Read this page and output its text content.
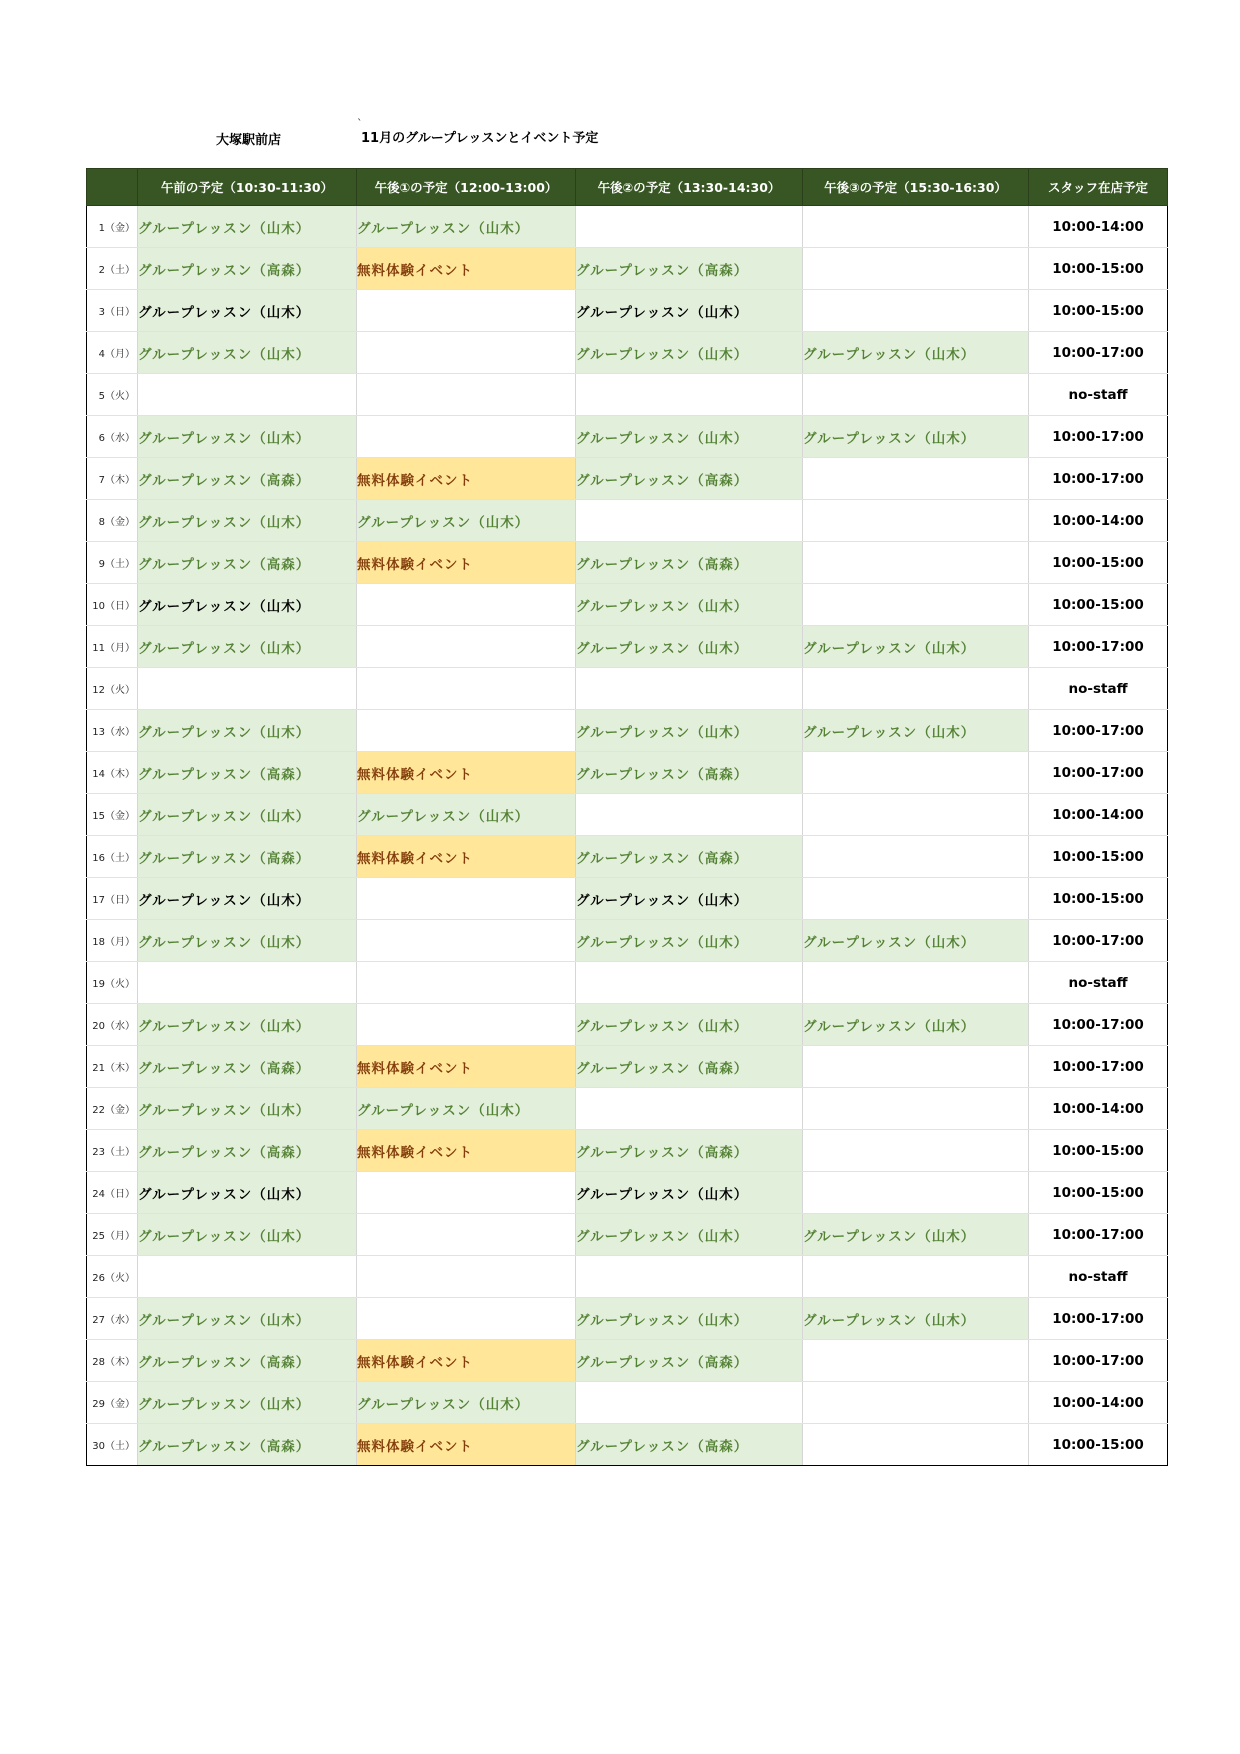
ˎ
大塚駅前店	11月のグループレッスンとイベント予定
	午前の予定（10:30-11:30）	午後①の予定（12:00-13:00）	午後②の予定（13:30-14:30）	午後③の予定（15:30-16:30）	スタッフ在店予定
1（金）	グループレッスン（山木）	グループレッスン（山木）			10:00-14:00
2（土）	グループレッスン（高森）	無料体験イベント	グループレッスン（高森）		10:00-15:00
3（日）	グループレッスン（山木）		グループレッスン（山木）		10:00-15:00
4（月）	グループレッスン（山木）		グループレッスン（山木）	グループレッスン（山木）	10:00-17:00
5（火）					no-staff
6（水）	グループレッスン（山木）		グループレッスン（山木）	グループレッスン（山木）	10:00-17:00
7（木）	グループレッスン（高森）	無料体験イベント	グループレッスン（高森）		10:00-17:00
8（金）	グループレッスン（山木）	グループレッスン（山木）			10:00-14:00
9（土）	グループレッスン（高森）	無料体験イベント	グループレッスン（高森）		10:00-15:00
10（日）	グループレッスン（山木）		グループレッスン（山木）		10:00-15:00
11（月）	グループレッスン（山木）		グループレッスン（山木）	グループレッスン（山木）	10:00-17:00
12（火）					no-staff
13（水）	グループレッスン（山木）		グループレッスン（山木）	グループレッスン（山木）	10:00-17:00
14（木）	グループレッスン（高森）	無料体験イベント	グループレッスン（高森）		10:00-17:00
15（金）	グループレッスン（山木）	グループレッスン（山木）			10:00-14:00
16（土）	グループレッスン（高森）	無料体験イベント	グループレッスン（高森）		10:00-15:00
17（日）	グループレッスン（山木）		グループレッスン（山木）		10:00-15:00
18（月）	グループレッスン（山木）		グループレッスン（山木）	グループレッスン（山木）	10:00-17:00
19（火）					no-staff
20（水）	グループレッスン（山木）		グループレッスン（山木）	グループレッスン（山木）	10:00-17:00
21（木）	グループレッスン（高森）	無料体験イベント	グループレッスン（高森）		10:00-17:00
22（金）	グループレッスン（山木）	グループレッスン（山木）			10:00-14:00
23（土）	グループレッスン（高森）	無料体験イベント	グループレッスン（高森）		10:00-15:00
24（日）	グループレッスン（山木）		グループレッスン（山木）		10:00-15:00
25（月）	グループレッスン（山木）		グループレッスン（山木）	グループレッスン（山木）	10:00-17:00
26（火）					no-staff
27（水）	グループレッスン（山木）		グループレッスン（山木）	グループレッスン（山木）	10:00-17:00
28（木）	グループレッスン（高森）	無料体験イベント	グループレッスン（高森）		10:00-17:00
29（金）	グループレッスン（山木）	グループレッスン（山木）			10:00-14:00
30（土）	グループレッスン（高森）	無料体験イベント	グループレッスン（高森）		10:00-15:00
